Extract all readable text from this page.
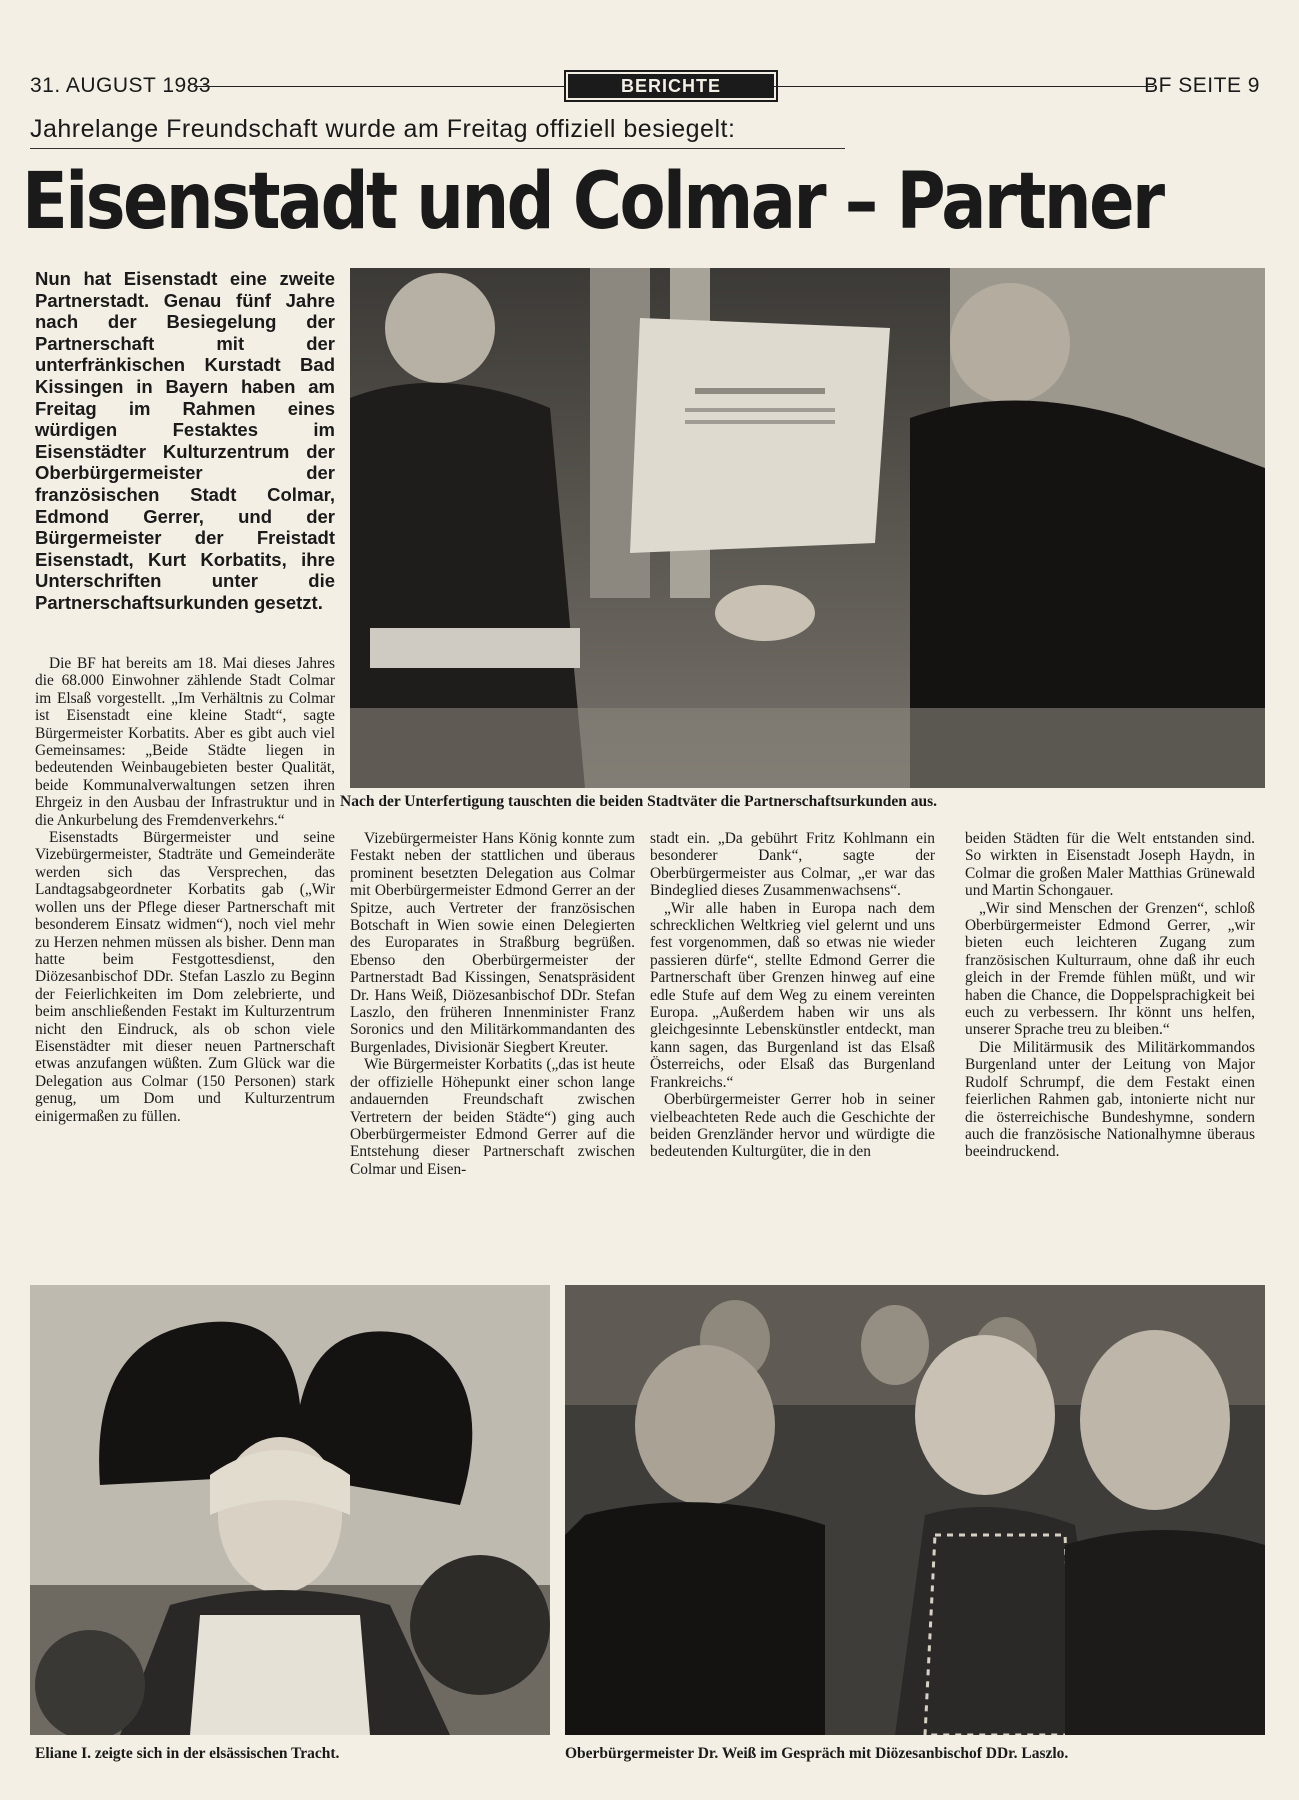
31. AUGUST 1983	BERICHTE	BF SEITE 9
Jahrelange Freundschaft wurde am Freitag offiziell besiegelt:
Eisenstadt und Colmar – Partner
Nun hat Eisenstadt eine zweite Partnerstadt. Genau fünf Jahre nach der Besiegelung der Partnerschaft mit der unterfränkischen Kurstadt Bad Kissingen in Bayern haben am Freitag im Rahmen eines würdigen Festaktes im Eisenstädter Kulturzentrum der Oberbürgermeister der französischen Stadt Colmar, Edmond Gerrer, und der Bürgermeister der Freistadt Eisenstadt, Kurt Korbatits, ihre Unterschriften unter die Partnerschaftsurkunden gesetzt.
Nach der Unterfertigung tauschten die beiden Stadtväter die Partnerschaftsurkunden aus.

Die BF hat bereits am 18. Mai dieses Jahres die 68.000 Einwohner zählende Stadt Colmar im Elsaß vorgestellt. „Im Verhältnis zu Colmar ist Eisenstadt eine kleine Stadt“, sagte Bürgermeister Korbatits. Aber es gibt auch viel Gemeinsames: „Beide Städte liegen in bedeutenden Weinbaugebieten bester Qualität, beide Kommunalverwaltungen setzen ihren Ehrgeiz in den Ausbau der Infrastruktur und in die Ankurbelung des Fremdenverkehrs.“

Eisenstadts Bürgermeister und seine Vizebürgermeister, Stadträte und Gemeinderäte werden sich das Versprechen, das Landtagsabgeordneter Korbatits gab („Wir wollen uns der Pflege dieser Partnerschaft mit besonderem Einsatz widmen“), noch viel mehr zu Herzen nehmen müssen als bisher. Denn man hatte beim Festgottesdienst, den Diözesanbischof DDr. Stefan Laszlo zu Beginn der Feierlichkeiten im Dom zelebrierte, und beim anschließenden Festakt im Kulturzentrum nicht den Eindruck, als ob schon viele Eisenstädter mit dieser neuen Partnerschaft etwas anzufangen wüßten. Zum Glück war die Delegation aus Colmar (150 Personen) stark genug, um Dom und Kulturzentrum einigermaßen zu füllen.

Vizebürgermeister Hans König konnte zum Festakt neben der stattlichen und überaus prominent besetzten Delegation aus Colmar mit Oberbürgermeister Edmond Gerrer an der Spitze, auch Vertreter der französischen Botschaft in Wien sowie einen Delegierten des Europarates in Straßburg begrüßen. Ebenso den Oberbürgermeister der Partnerstadt Bad Kissingen, Senatspräsident Dr. Hans Weiß, Diözesanbischof DDr. Stefan Laszlo, den früheren Innenminister Franz Soronics und den Militärkommandanten des Burgenlades, Divisionär Siegbert Kreuter.

Wie Bürgermeister Korbatits („das ist heute der offizielle Höhepunkt einer schon lange andauernden Freundschaft zwischen Vertretern der beiden Städte“) ging auch Oberbürgermeister Edmond Gerrer auf die Entstehung dieser Partnerschaft zwischen Colmar und Eisen-

stadt ein. „Da gebührt Fritz Kohlmann ein besonderer Dank“, sagte der Oberbürgermeister aus Colmar, „er war das Bindeglied dieses Zusammenwachsens“.

„Wir alle haben in Europa nach dem schrecklichen Weltkrieg viel gelernt und uns fest vorgenommen, daß so etwas nie wieder passieren dürfe“, stellte Edmond Gerrer die Partnerschaft über Grenzen hinweg auf eine edle Stufe auf dem Weg zu einem vereinten Europa. „Außerdem haben wir uns als gleichgesinnte Lebenskünstler entdeckt, man kann sagen, das Burgenland ist das Elsaß Österreichs, oder Elsaß das Burgenland Frankreichs.“

Oberbürgermeister Gerrer hob in seiner vielbeachteten Rede auch die Geschichte der beiden Grenzländer hervor und würdigte die bedeutenden Kulturgüter, die in den

beiden Städten für die Welt entstanden sind. So wirkten in Eisenstadt Joseph Haydn, in Colmar die großen Maler Matthias Grünewald und Martin Schongauer.

„Wir sind Menschen der Grenzen“, schloß Oberbürgermeister Edmond Gerrer, „wir bieten euch leichteren Zugang zum französischen Kulturraum, ohne daß ihr euch gleich in der Fremde fühlen müßt, und wir haben die Chance, die Doppelsprachigkeit bei euch zu verbessern. Ihr könnt uns helfen, unserer Sprache treu zu bleiben.“

Die Militärmusik des Militärkommandos Burgenland unter der Leitung von Major Rudolf Schrumpf, die dem Festakt einen feierlichen Rahmen gab, intonierte nicht nur die österreichische Bundeshymne, sondern auch die französische Nationalhymne überaus beeindruckend.

Eliane I. zeigte sich in der elsässischen Tracht.	Oberbürgermeister Dr. Weiß im Gespräch mit Diözesanbischof DDr. Laszlo.
